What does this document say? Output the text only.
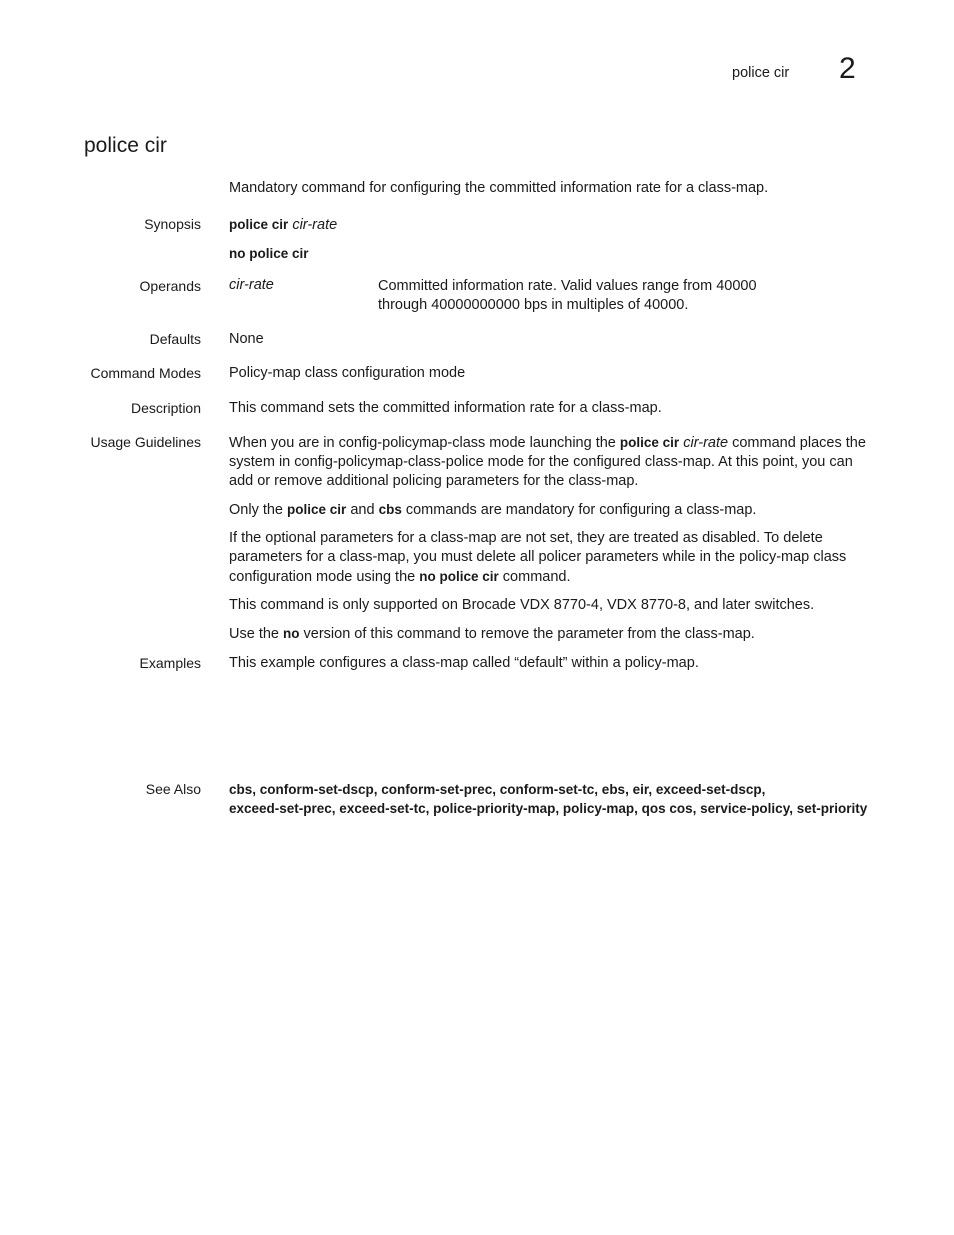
police cir 2
police cir
Mandatory command for configuring the committed information rate for a class-map.
Synopsis police cir cir-rate

no police cir

Operands cir-rate	Committed information rate. Valid values range from 40000 through 40000000000 bps in multiples of 40000.
Defaults None
Command Modes Policy-map class configuration mode
Description This command sets the committed information rate for a class-map.
Usage Guidelines When you are in config-policymap-class mode launching the police cir cir-rate command places the system in config-policymap-class-police mode for the configured class-map. At this point, you can add or remove additional policing parameters for the class-map.

Only the police cir and cbs commands are mandatory for configuring a class-map.

If the optional parameters for a class-map are not set, they are treated as disabled. To delete parameters for a class-map, you must delete all policer parameters while in the policy-map class configuration mode using the no police cir command.

This command is only supported on Brocade VDX 8770-4, VDX 8770-8, and later switches.

Use the no version of this command to remove the parameter from the class-map.

Examples This example configures a class-map called “default” within a policy-map.
See Also cbs, conform-set-dscp, conform-set-prec, conform-set-tc, ebs, eir, exceed-set-dscp,

exceed-set-prec, exceed-set-tc, police-priority-map, policy-map, qos cos, service-policy, set-priority
